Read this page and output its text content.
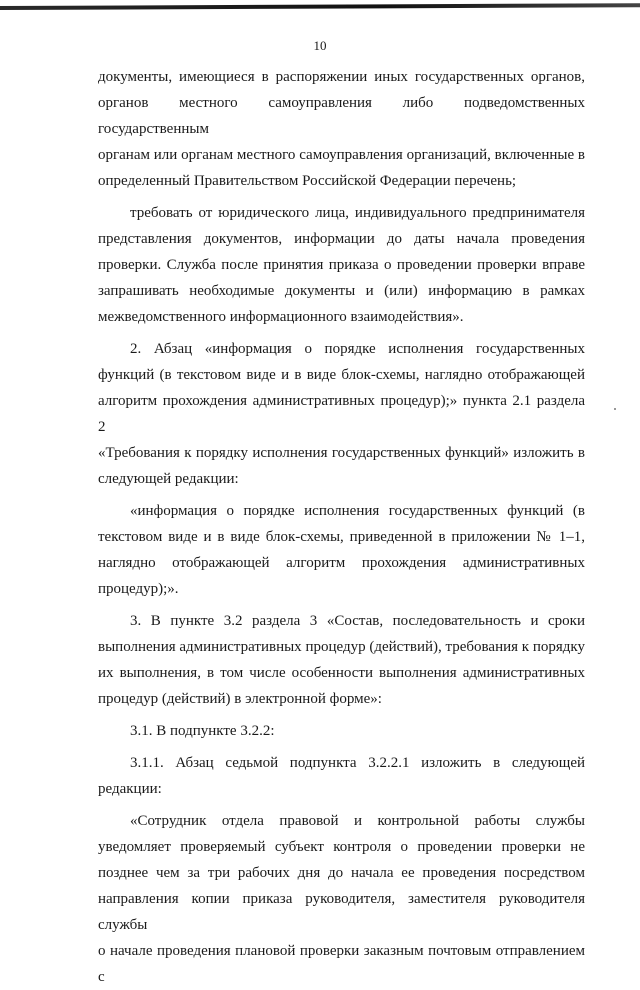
10

документы, имеющиеся в распоряжении иных государственных органов,

органов местного самоуправления либо подведомственных государственным

органам или органам местного самоуправления организаций, включенные в

определенный Правительством Российской Федерации перечень;

требовать от юридического лица, индивидуального предпринимателя

представления документов, информации до даты начала проведения

проверки. Служба после принятия приказа о проведении проверки вправе

запрашивать необходимые документы и (или) информацию в рамках

межведомственного информационного взаимодействия».

2. Абзац «информация о порядке исполнения государственных

функций (в текстовом виде и в виде блок-схемы, наглядно отображающей

алгоритм прохождения административных процедур);» пункта 2.1 раздела 2

«Требования к порядку исполнения государственных функций» изложить в

следующей редакции:

«информация о порядке исполнения государственных функций (в

текстовом виде и в виде блок-схемы, приведенной в приложении № 1–1,

наглядно отображающей алгоритм прохождения административных

процедур);».

3. В пункте 3.2 раздела 3 «Состав, последовательность и сроки

выполнения административных процедур (действий), требования к порядку

их выполнения, в том числе особенности выполнения административных

процедур (действий) в электронной форме»:

3.1. В подпункте 3.2.2:

3.1.1. Абзац седьмой подпункта 3.2.2.1 изложить в следующей

редакции:

«Сотрудник отдела правовой и контрольной работы службы

уведомляет проверяемый субъект контроля о проведении проверки не

позднее чем за три рабочих дня до начала ее проведения посредством

направления копии приказа руководителя, заместителя руководителя службы

о начале проведения плановой проверки заказным почтовым отправлением с
